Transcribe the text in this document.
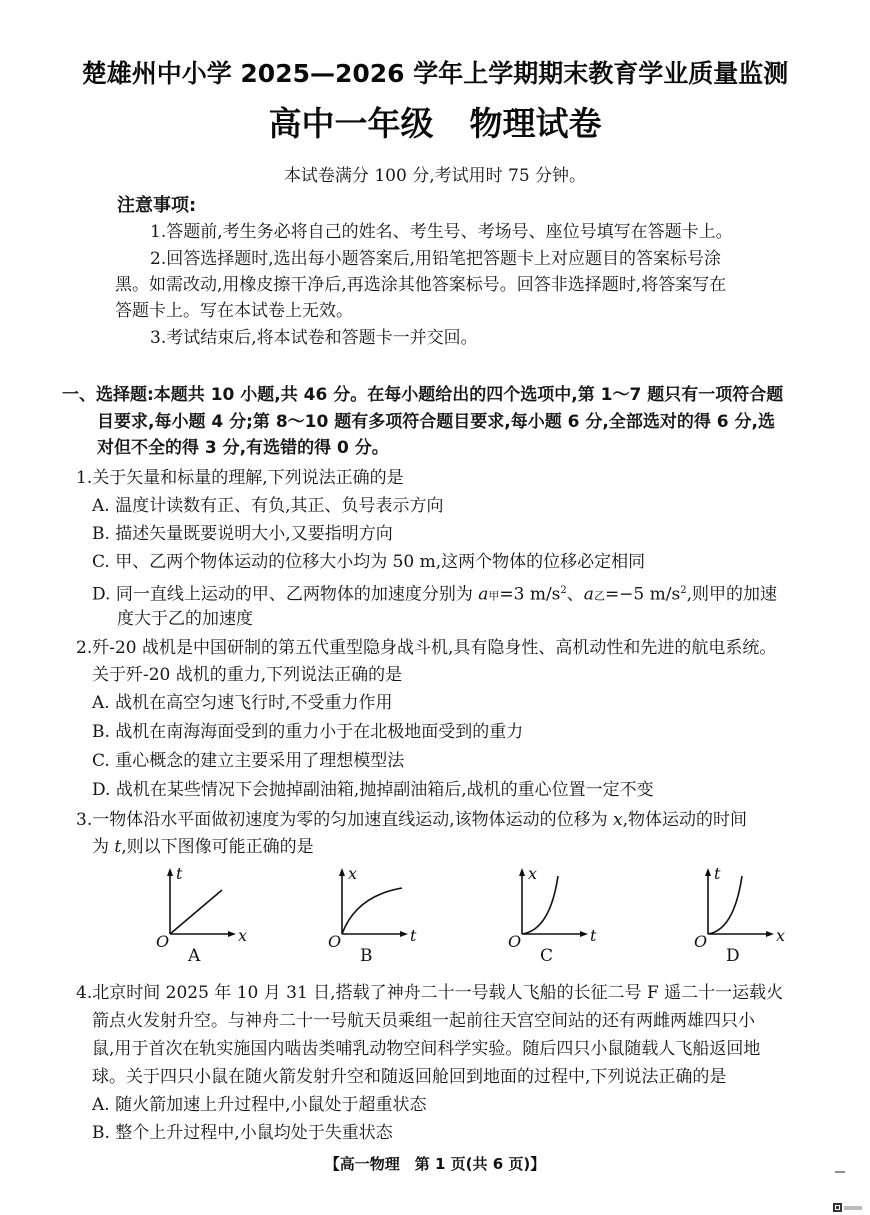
楚雄州中小学 2025—2026 学年上学期期末教育学业质量监测
高中一年级 物理试卷
本试卷满分 100 分,考试用时 75 分钟。
注意事项:
1.答题前,考生务必将自己的姓名、考生号、考场号、座位号填写在答题卡上。
2.回答选择题时,选出每小题答案后,用铅笔把答题卡上对应题目的答案标号涂
黑。如需改动,用橡皮擦干净后,再选涂其他答案标号。回答非选择题时,将答案写在
答题卡上。写在本试卷上无效。
3.考试结束后,将本试卷和答题卡一并交回。
一、选择题:本题共 10 小题,共 46 分。在每小题给出的四个选项中,第 1～7 题只有一项符合题
目要求,每小题 4 分;第 8～10 题有多项符合题目要求,每小题 6 分,全部选对的得 6 分,选
对但不全的得 3 分,有选错的得 0 分。
1.关于矢量和标量的理解,下列说法正确的是
A. 温度计读数有正、有负,其正、负号表示方向
B. 描述矢量既要说明大小,又要指明方向
C. 甲、乙两个物体运动的位移大小均为 50 m,这两个物体的位移必定相同
D. 同一直线上运动的甲、乙两物体的加速度分别为 a甲=3 $m/s^2$、a乙=−5 $m/s^2$,则甲的加速
度大于乙的加速度
2.歼-20 战机是中国研制的第五代重型隐身战斗机,具有隐身性、高机动性和先进的航电系统。
关于歼-20 战机的重力,下列说法正确的是
A. 战机在高空匀速飞行时,不受重力作用
B. 战机在南海海面受到的重力小于在北极地面受到的重力
C. 重心概念的建立主要采用了理想模型法
D. 战机在某些情况下会抛掉副油箱,抛掉副油箱后,战机的重心位置一定不变
3.一物体沿水平面做初速度为零的匀加速直线运动,该物体运动的位移为 x,物体运动的时间
为 t,则以下图像可能正确的是
t
x
O
A
x
t
O
B
x
t
O
C
t
x
O
D
4.北京时间 2025 年 10 月 31 日,搭载了神舟二十一号载人飞船的长征二号 F 遥二十一运载火
箭点火发射升空。与神舟二十一号航天员乘组一起前往天宫空间站的还有两雌两雄四只小
鼠,用于首次在轨实施国内啮齿类哺乳动物空间科学实验。随后四只小鼠随载人飞船返回地
球。关于四只小鼠在随火箭发射升空和随返回舱回到地面的过程中,下列说法正确的是
A. 随火箭加速上升过程中,小鼠处于超重状态
B. 整个上升过程中,小鼠均处于失重状态
【高一物理　第 1 页(共 6 页)】
